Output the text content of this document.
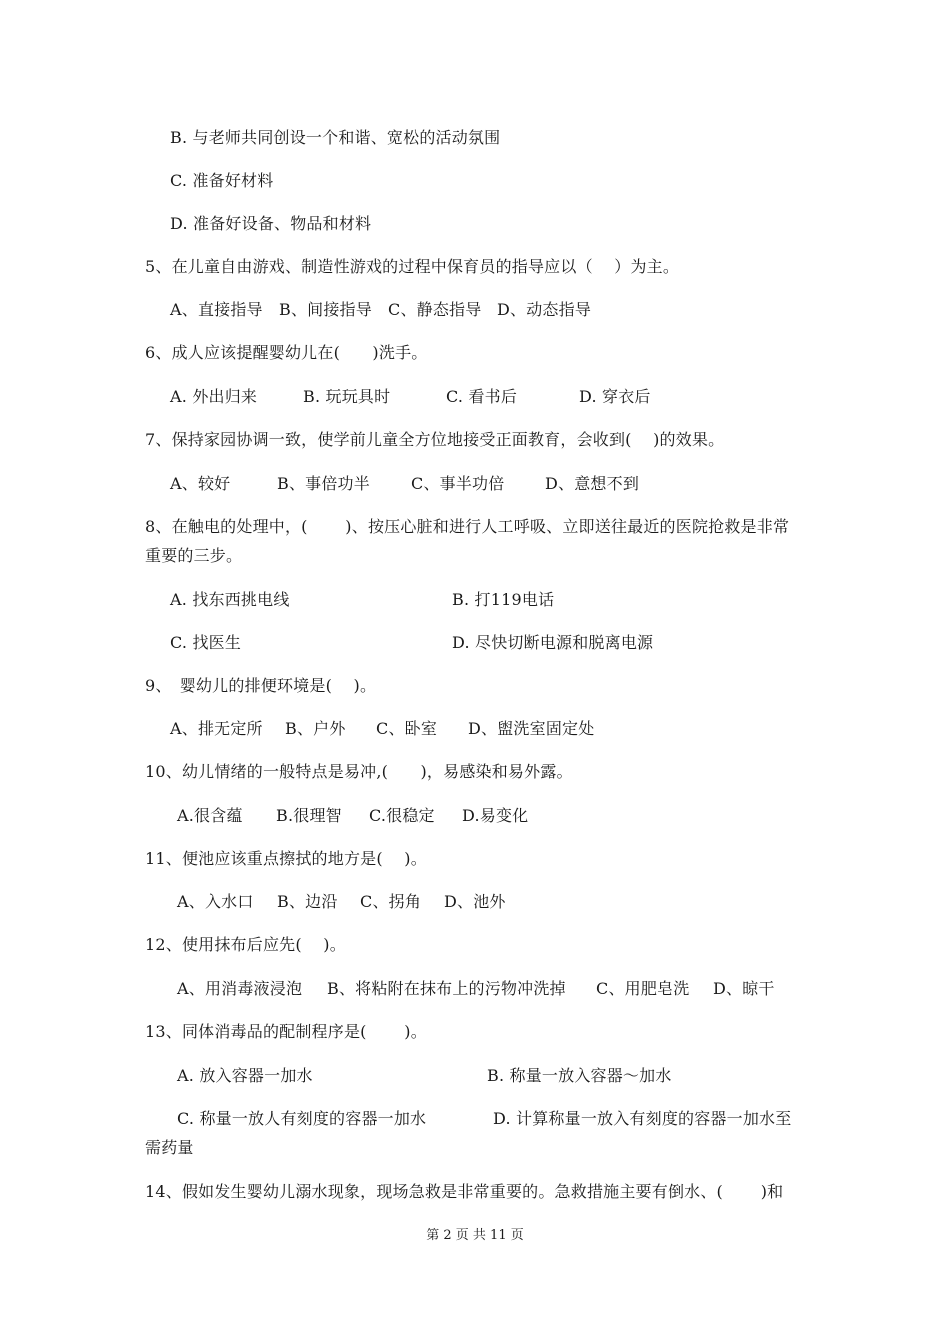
B. 与老师共同创设一个和谐、宽松的活动氛围
C. 准备好材料
D. 准备好设备、物品和材料
5、在儿童自由游戏、制造性游戏的过程中保育员的指导应以（　 ）为主。
A、直接指导 B、间接指导 C、静态指导 D、动态指导
6、成人应该提醒婴幼儿在(　　)洗手。
A. 外出归来	B. 玩玩具时	C. 看书后	D. 穿衣后
7、保持家园协调一致，使学前儿童全方位地接受正面教育，会收到(　 )的效果。
A、较好	B、事倍功半	C、事半功倍	D、意想不到
8、在触电的处理中，(　　 )、按压心脏和进行人工呼吸、立即送往最近的医院抢救是非常
重要的三步。
A. 找东西挑电线	B. 打119电话
C. 找医生	D. 尽快切断电源和脱离电源
9、　婴幼儿的排便环境是(　 )。
A、排无定所 B、户外 C、卧室 D、盥洗室固定处
10、幼儿情绪的一般特点是易冲,(　　)，易感染和易外露。
A.很含蕴 B.很理智 C.很稳定 D.易变化
11、便池应该重点擦拭的地方是(　 )。
A、入水口 B、边沿 C、拐角 D、池外
12、使用抹布后应先(　 )。
A、用消毒液浸泡 B、将粘附在抹布上的污物冲洗掉 C、用肥皂洗 D、晾干
13、同体消毒品的配制程序是(　　 )。
A. 放入容器一加水	B. 称量一放入容器～加水
C. 称量一放人有刻度的容器一加水	D. 计算称量一放入有刻度的容器一加水至
需药量
14、假如发生婴幼儿溺水现象，现场急救是非常重要的。急救措施主要有倒水、(　　 )和
第 2 页 共 11 页
